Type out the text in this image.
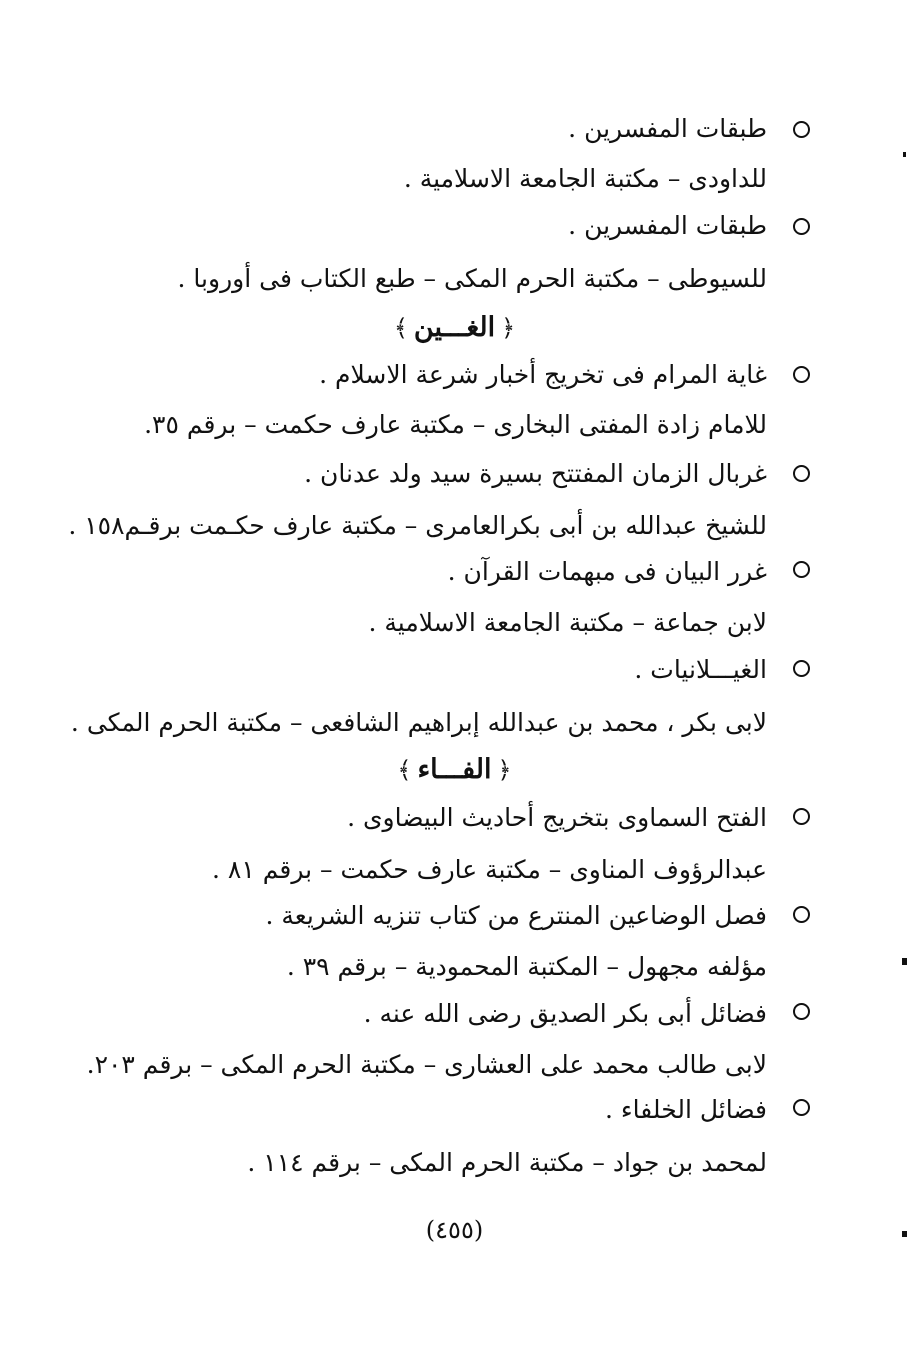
طبقات المفسرين .
للداودى – مكتبة الجامعة الاسلامية .
طبقات المفسرين .
للسيوطى – مكتبة الحرم المكى – طبع الكتاب فى أوروبا .
﴿الغـــين﴾
غاية المرام فى تخريج أخبار شرعة الاسلام .
للامام زادة المفتى البخارى – مكتبة عارف حكمت – برقم ٣٥.
غربال الزمان المفتتح بسيرة سيد ولد عدنان .
للشيخ عبدالله بن أبى بكرالعامرى – مكتبة عارف حكـمت برقـم١٥٨ .
غرر البيان فى مبهمات القرآن .
لابن جماعة – مكتبة الجامعة الاسلامية .
الغيـــلانيات .
لابى بكر ، محمد بن عبدالله إبراهيم الشافعى – مكتبة الحرم المكى .
﴿الفـــاء﴾
الفتح السماوى بتخريج أحاديث البيضاوى .
عبدالرؤوف المناوى – مكتبة عارف حكمت – برقم ٨١ .
فصل الوضاعين المنترع من كتاب تنزيه الشريعة .
مؤلفه مجهول – المكتبة المحمودية – برقم ٣٩ .
فضائل أبى بكر الصديق رضى الله عنه .
لابى طالب محمد على العشارى – مكتبة الحرم المكى – برقم ٢٠٣.
فضائل الخلفاء .
لمحمد بن جواد – مكتبة الحرم المكى – برقم ١١٤ .
(٤٥٥)
